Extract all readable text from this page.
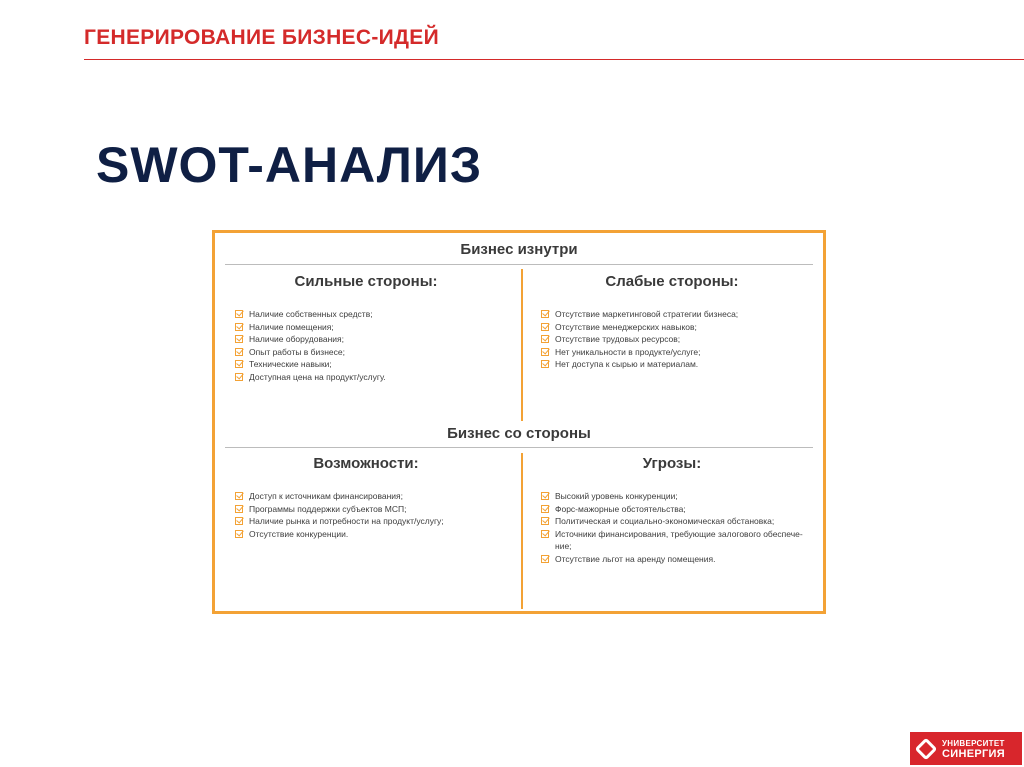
ГЕНЕРИРОВАНИЕ БИЗНЕС-ИДЕЙ
SWOT-АНАЛИЗ
Бизнес изнутри
Сильные стороны:
Наличие собственных средств;
Наличие помещения;
Наличие оборудования;
Опыт работы в бизнесе;
Технические навыки;
Доступная цена на продукт/услугу.
Слабые стороны:
Отсутствие маркетинговой стратегии бизнеса;
Отсутствие менеджерских навыков;
Отсутствие трудовых ресурсов;
Нет уникальности в продукте/услуге;
Нет доступа к сырью и материалам.
Бизнес со стороны
Возможности:
Доступ к источникам финансирования;
Программы поддержки субъектов МСП;
Наличие рынка и потребности на продукт/услугу;
Отсутствие конкуренции.
Угрозы:
Высокий уровень конкуренции;
Форс-мажорные обстоятельства;
Политическая и социально-экономическая обстановка;
Источники финансирования, требующие залогового обеспече-ние;
Отсутствие льгот на аренду помещения.
УНИВЕРСИТЕТ
СИНЕРГИЯ
